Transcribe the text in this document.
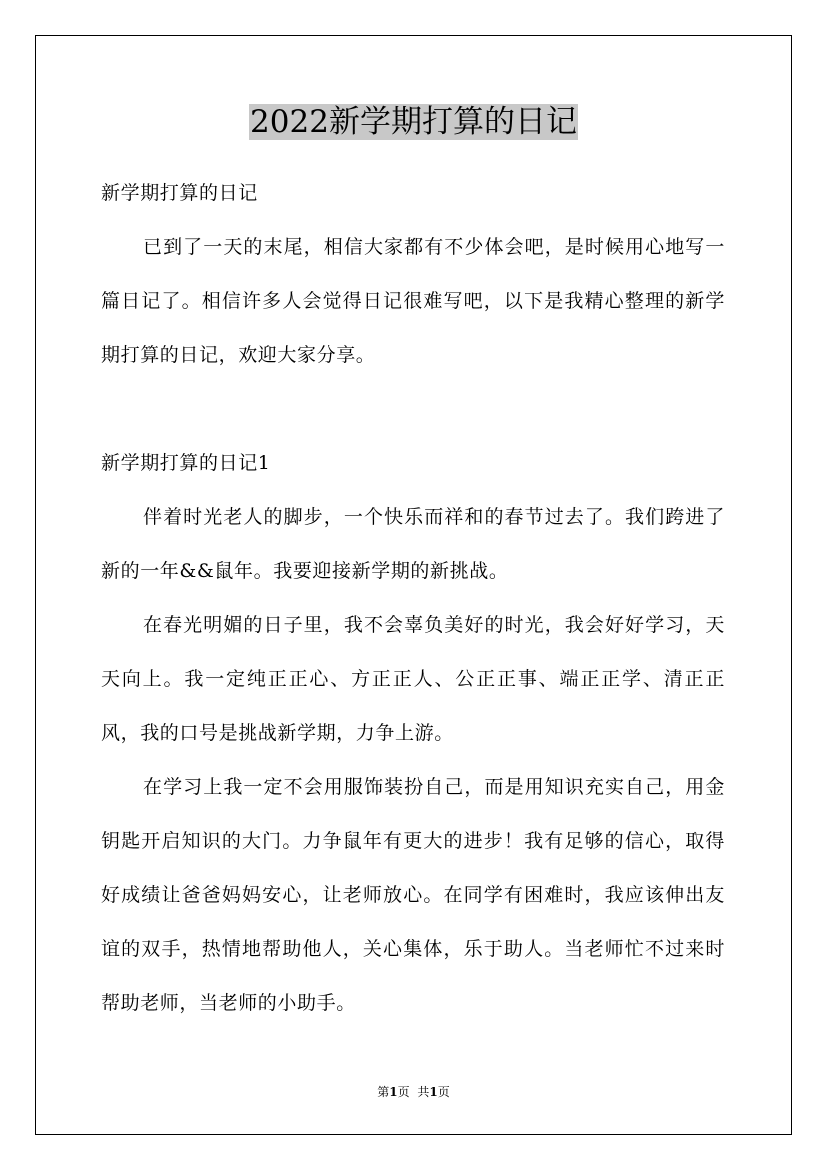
2022新学期打算的日记
新学期打算的日记
已到了一天的末尾，相信大家都有不少体会吧，是时候用心地写一篇日记了。相信许多人会觉得日记很难写吧，以下是我精心整理的新学期打算的日记，欢迎大家分享。
新学期打算的日记1
伴着时光老人的脚步，一个快乐而祥和的春节过去了。我们跨进了新的一年&&鼠年。我要迎接新学期的新挑战。
在春光明媚的日子里，我不会辜负美好的时光，我会好好学习，天天向上。我一定纯正正心、方正正人、公正正事、端正正学、清正正风，我的口号是挑战新学期，力争上游。
在学习上我一定不会用服饰装扮自己，而是用知识充实自己，用金钥匙开启知识的大门。力争鼠年有更大的进步！我有足够的信心，取得好成绩让爸爸妈妈安心，让老师放心。在同学有困难时，我应该伸出友谊的双手，热情地帮助他人，关心集体，乐于助人。当老师忙不过来时帮助老师，当老师的小助手。
第1页 共1页
